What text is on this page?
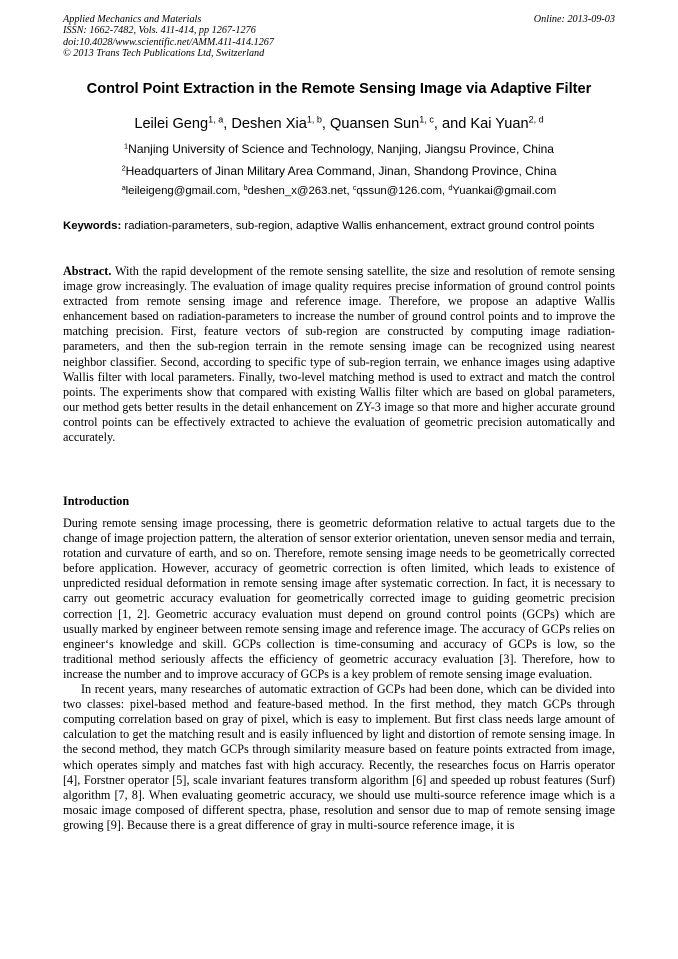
Applied Mechanics and Materials
ISSN: 1662-7482, Vols. 411-414, pp 1267-1276
doi:10.4028/www.scientific.net/AMM.411-414.1267
© 2013 Trans Tech Publications Ltd, Switzerland
Online: 2013-09-03
Control Point Extraction in the Remote Sensing Image via Adaptive Filter
Leilei Geng$^{1, a}$, Deshen Xia$^{1, b}$, Quansen Sun$^{1, c}$, and Kai Yuan$^{2, d}$
$^1$Nanjing University of Science and Technology, Nanjing, Jiangsu Province, China
$^2$Headquarters of Jinan Military Area Command, Jinan, Shandong Province, China
$^a$leileigeng@gmail.com, $^b$deshen_x@263.net, $^c$qssun@126.com, $^d$Yuankai@gmail.com
Keywords: radiation-parameters, sub-region, adaptive Wallis enhancement, extract ground control points
Abstract. With the rapid development of the remote sensing satellite, the size and resolution of remote sensing image grow increasingly. The evaluation of image quality requires precise information of ground control points extracted from remote sensing image and reference image. Therefore, we propose an adaptive Wallis enhancement based on radiation-parameters to increase the number of ground control points and to improve the matching precision. First, feature vectors of sub-region are constructed by computing image radiation-parameters, and then the sub-region terrain in the remote sensing image can be recognized using nearest neighbor classifier. Second, according to specific type of sub-region terrain, we enhance images using adaptive Wallis filter with local parameters. Finally, two-level matching method is used to extract and match the control points. The experiments show that compared with existing Wallis filter which are based on global parameters, our method gets better results in the detail enhancement on ZY-3 image so that more and higher accurate ground control points can be effectively extracted to achieve the evaluation of geometric precision automatically and accurately.
Introduction

During remote sensing image processing, there is geometric deformation relative to actual targets due to the change of image projection pattern, the alteration of sensor exterior orientation, uneven sensor media and terrain, rotation and curvature of earth, and so on. Therefore, remote sensing image needs to be geometrically corrected before application. However, accuracy of geometric correction is often limited, which leads to existence of unpredicted residual deformation in remote sensing image after systematic correction. In fact, it is necessary to carry out geometric accuracy evaluation for geometrically corrected image to guiding geometric precision correction [1, 2]. Geometric accuracy evaluation must depend on ground control points (GCPs) which are usually marked by engineer between remote sensing image and reference image. The accuracy of GCPs relies on engineer‘s knowledge and skill. GCPs collection is time-consuming and accuracy of GCPs is low, so the traditional method seriously affects the efficiency of geometric accuracy evaluation [3]. Therefore, how to increase the number and to improve accuracy of GCPs is a key problem of remote sensing image evaluation.

In recent years, many researches of automatic extraction of GCPs had been done, which can be divided into two classes: pixel-based method and feature-based method. In the first method, they match GCPs through computing correlation based on gray of pixel, which is easy to implement. But first class needs large amount of calculation to get the matching result and is easily influenced by light and distortion of remote sensing image. In the second method, they match GCPs through similarity measure based on feature points extracted from image, which operates simply and matches fast with high accuracy. Recently, the researches focus on Harris operator [4], Forstner operator [5], scale invariant features transform algorithm [6] and speeded up robust features (Surf) algorithm [7, 8]. When evaluating geometric accuracy, we should use multi-source reference image which is a mosaic image composed of different spectra, phase, resolution and sensor due to map of remote sensing image growing [9]. Because there is a great difference of gray in multi-source reference image, it is
